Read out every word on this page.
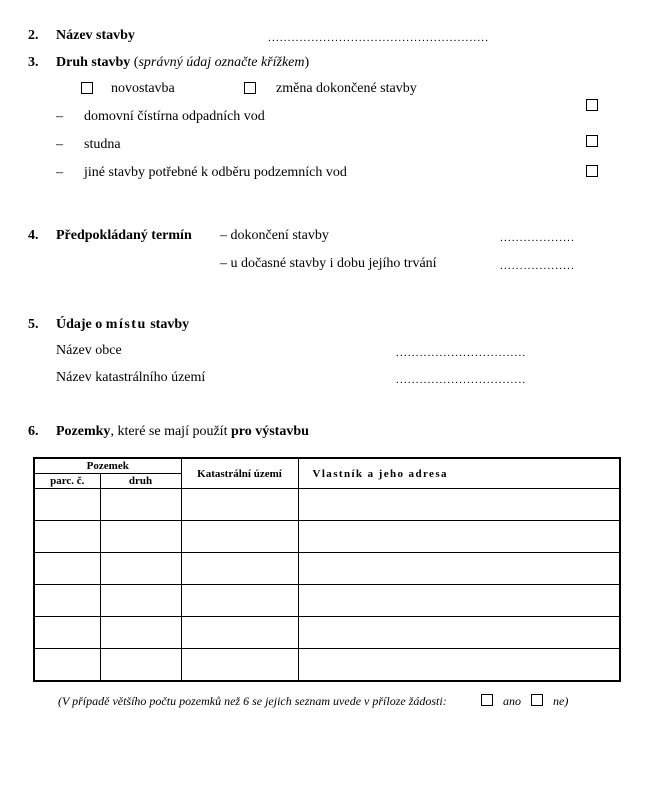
2. Název stavby	........................................................
3. Druh stavby (správný údaj označte křížkem)
novostavba	změna dokončené stavby
– domovní čístírna odpadních vod
– studna
– jiné stavby potřebné k odběru podzemních vod
4. Předpokládaný termín – dokončení stavby	...................
– u dočasné stavby i dobu jejího trvání	...................
5. Údaje o místu stavby
Název obce	.................................
Název katastrálního území	.................................
6. Pozemky, které se mají použít pro výstavbu
Pozemek		Katastrální území	Vlastník a jeho adresa
parc. č.	druh		

(V případě většího počtu pozemků než 6 se jejich seznam uvede v příloze žádosti:	ano	ne)
